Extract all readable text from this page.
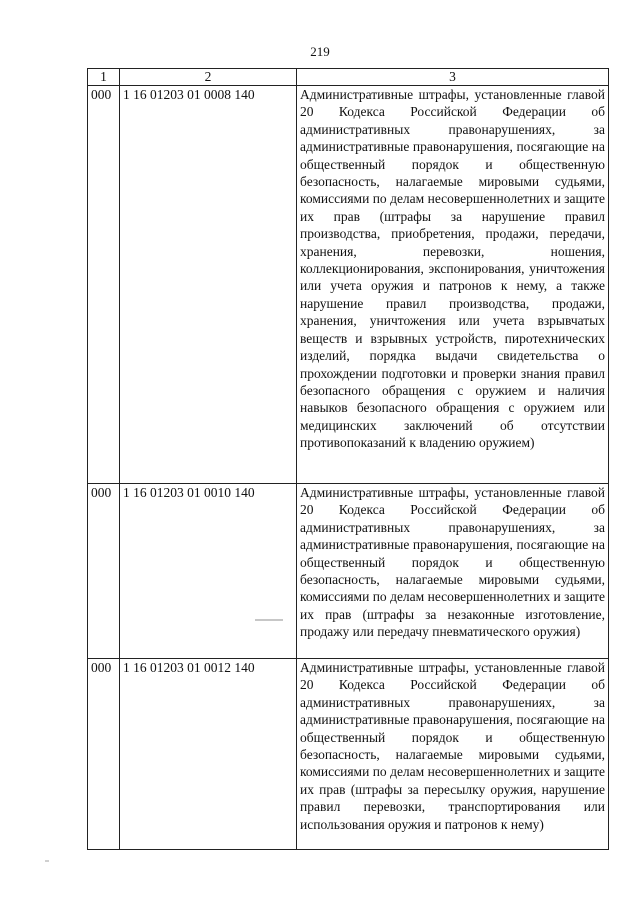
219
1	2	3
000	1 16 01203 01 0008 140	Административные штрафы, установленные главой 20 Кодекса Российской Федерации об административных правонарушениях, за административные правонарушения, посягающие на общественный порядок и общественную безопасность, налагаемые мировыми судьями, комиссиями по делам несовершеннолетних и защите их прав (штрафы за нарушение правил производства, приобретения, продажи, передачи, хранения, перевозки, ношения, коллекционирования, экспонирования, уничтожения или учета оружия и патронов к нему, а также нарушение правил производства, продажи, хранения, уничтожения или учета взрывчатых веществ и взрывных устройств, пиротехнических изделий, порядка выдачи свидетельства о прохождении подготовки и проверки знания правил безопасного обращения с оружием и наличия навыков безопасного обращения с оружием или медицинских заключений об отсутствии противопоказаний к владению оружием)
000	1 16 01203 01 0010 140	Административные штрафы, установленные главой 20 Кодекса Российской Федерации об административных правонарушениях, за административные правонарушения, посягающие на общественный порядок и общественную безопасность, налагаемые мировыми судьями, комиссиями по делам несовершеннолетних и защите их прав (штрафы за незаконные изготовление, продажу или передачу пневматического оружия)
000	1 16 01203 01 0012 140	Административные штрафы, установленные главой 20 Кодекса Российской Федерации об административных правонарушениях, за административные правонарушения, посягающие на общественный порядок и общественную безопасность, налагаемые мировыми судьями, комиссиями по делам несовершеннолетних и защите их прав (штрафы за пересылку оружия, нарушение правил перевозки, транспортирования или использования оружия и патронов к нему)
